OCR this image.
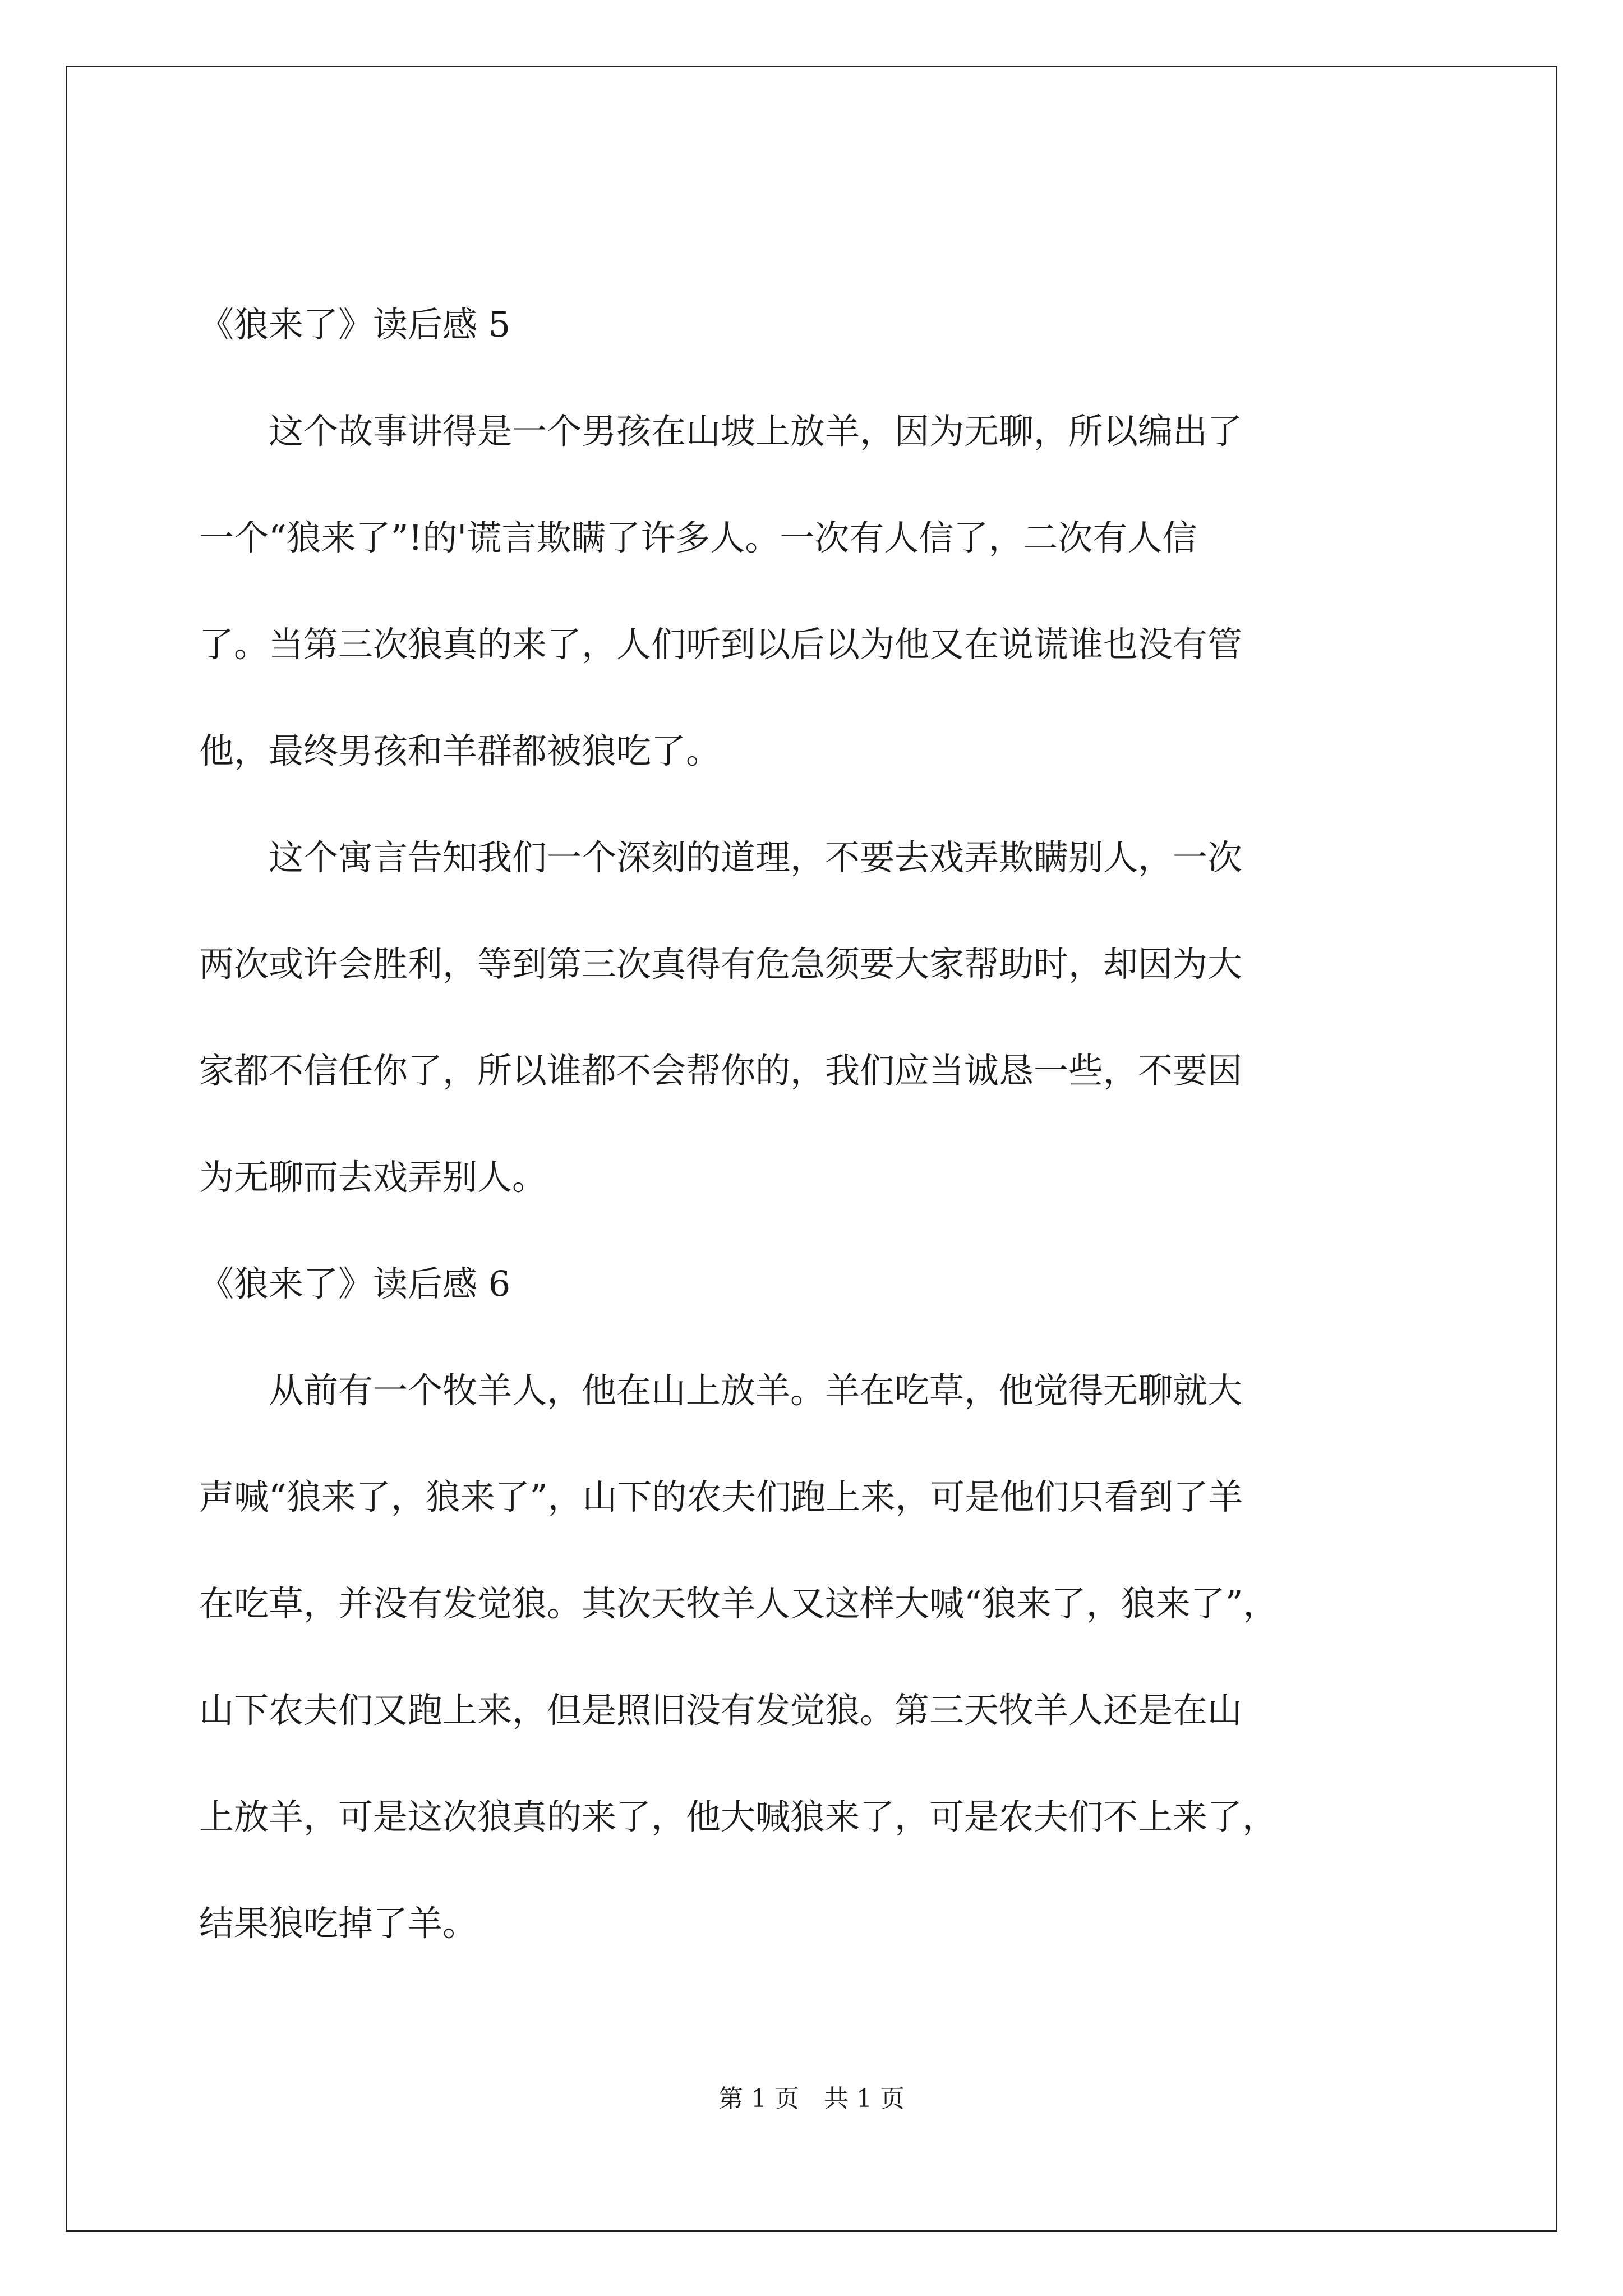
《狼来了》读后感 5
　　这个故事讲得是一个男孩在山坡上放羊，因为无聊，所以编出了
一个“狼来了”!的'谎言欺瞒了许多人。一次有人信了，二次有人信
了。当第三次狼真的来了，人们听到以后以为他又在说谎谁也没有管
他，最终男孩和羊群都被狼吃了。
　　这个寓言告知我们一个深刻的道理，不要去戏弄欺瞒别人，一次
两次或许会胜利，等到第三次真得有危急须要大家帮助时，却因为大
家都不信任你了，所以谁都不会帮你的，我们应当诚恳一些，不要因
为无聊而去戏弄别人。
《狼来了》读后感 6
　　从前有一个牧羊人，他在山上放羊。羊在吃草，他觉得无聊就大
声喊“狼来了，狼来了”，山下的农夫们跑上来，可是他们只看到了羊
在吃草，并没有发觉狼。其次天牧羊人又这样大喊“狼来了，狼来了”，
山下农夫们又跑上来，但是照旧没有发觉狼。第三天牧羊人还是在山
上放羊，可是这次狼真的来了，他大喊狼来了，可是农夫们不上来了，
结果狼吃掉了羊。
第 1 页　共 1 页
